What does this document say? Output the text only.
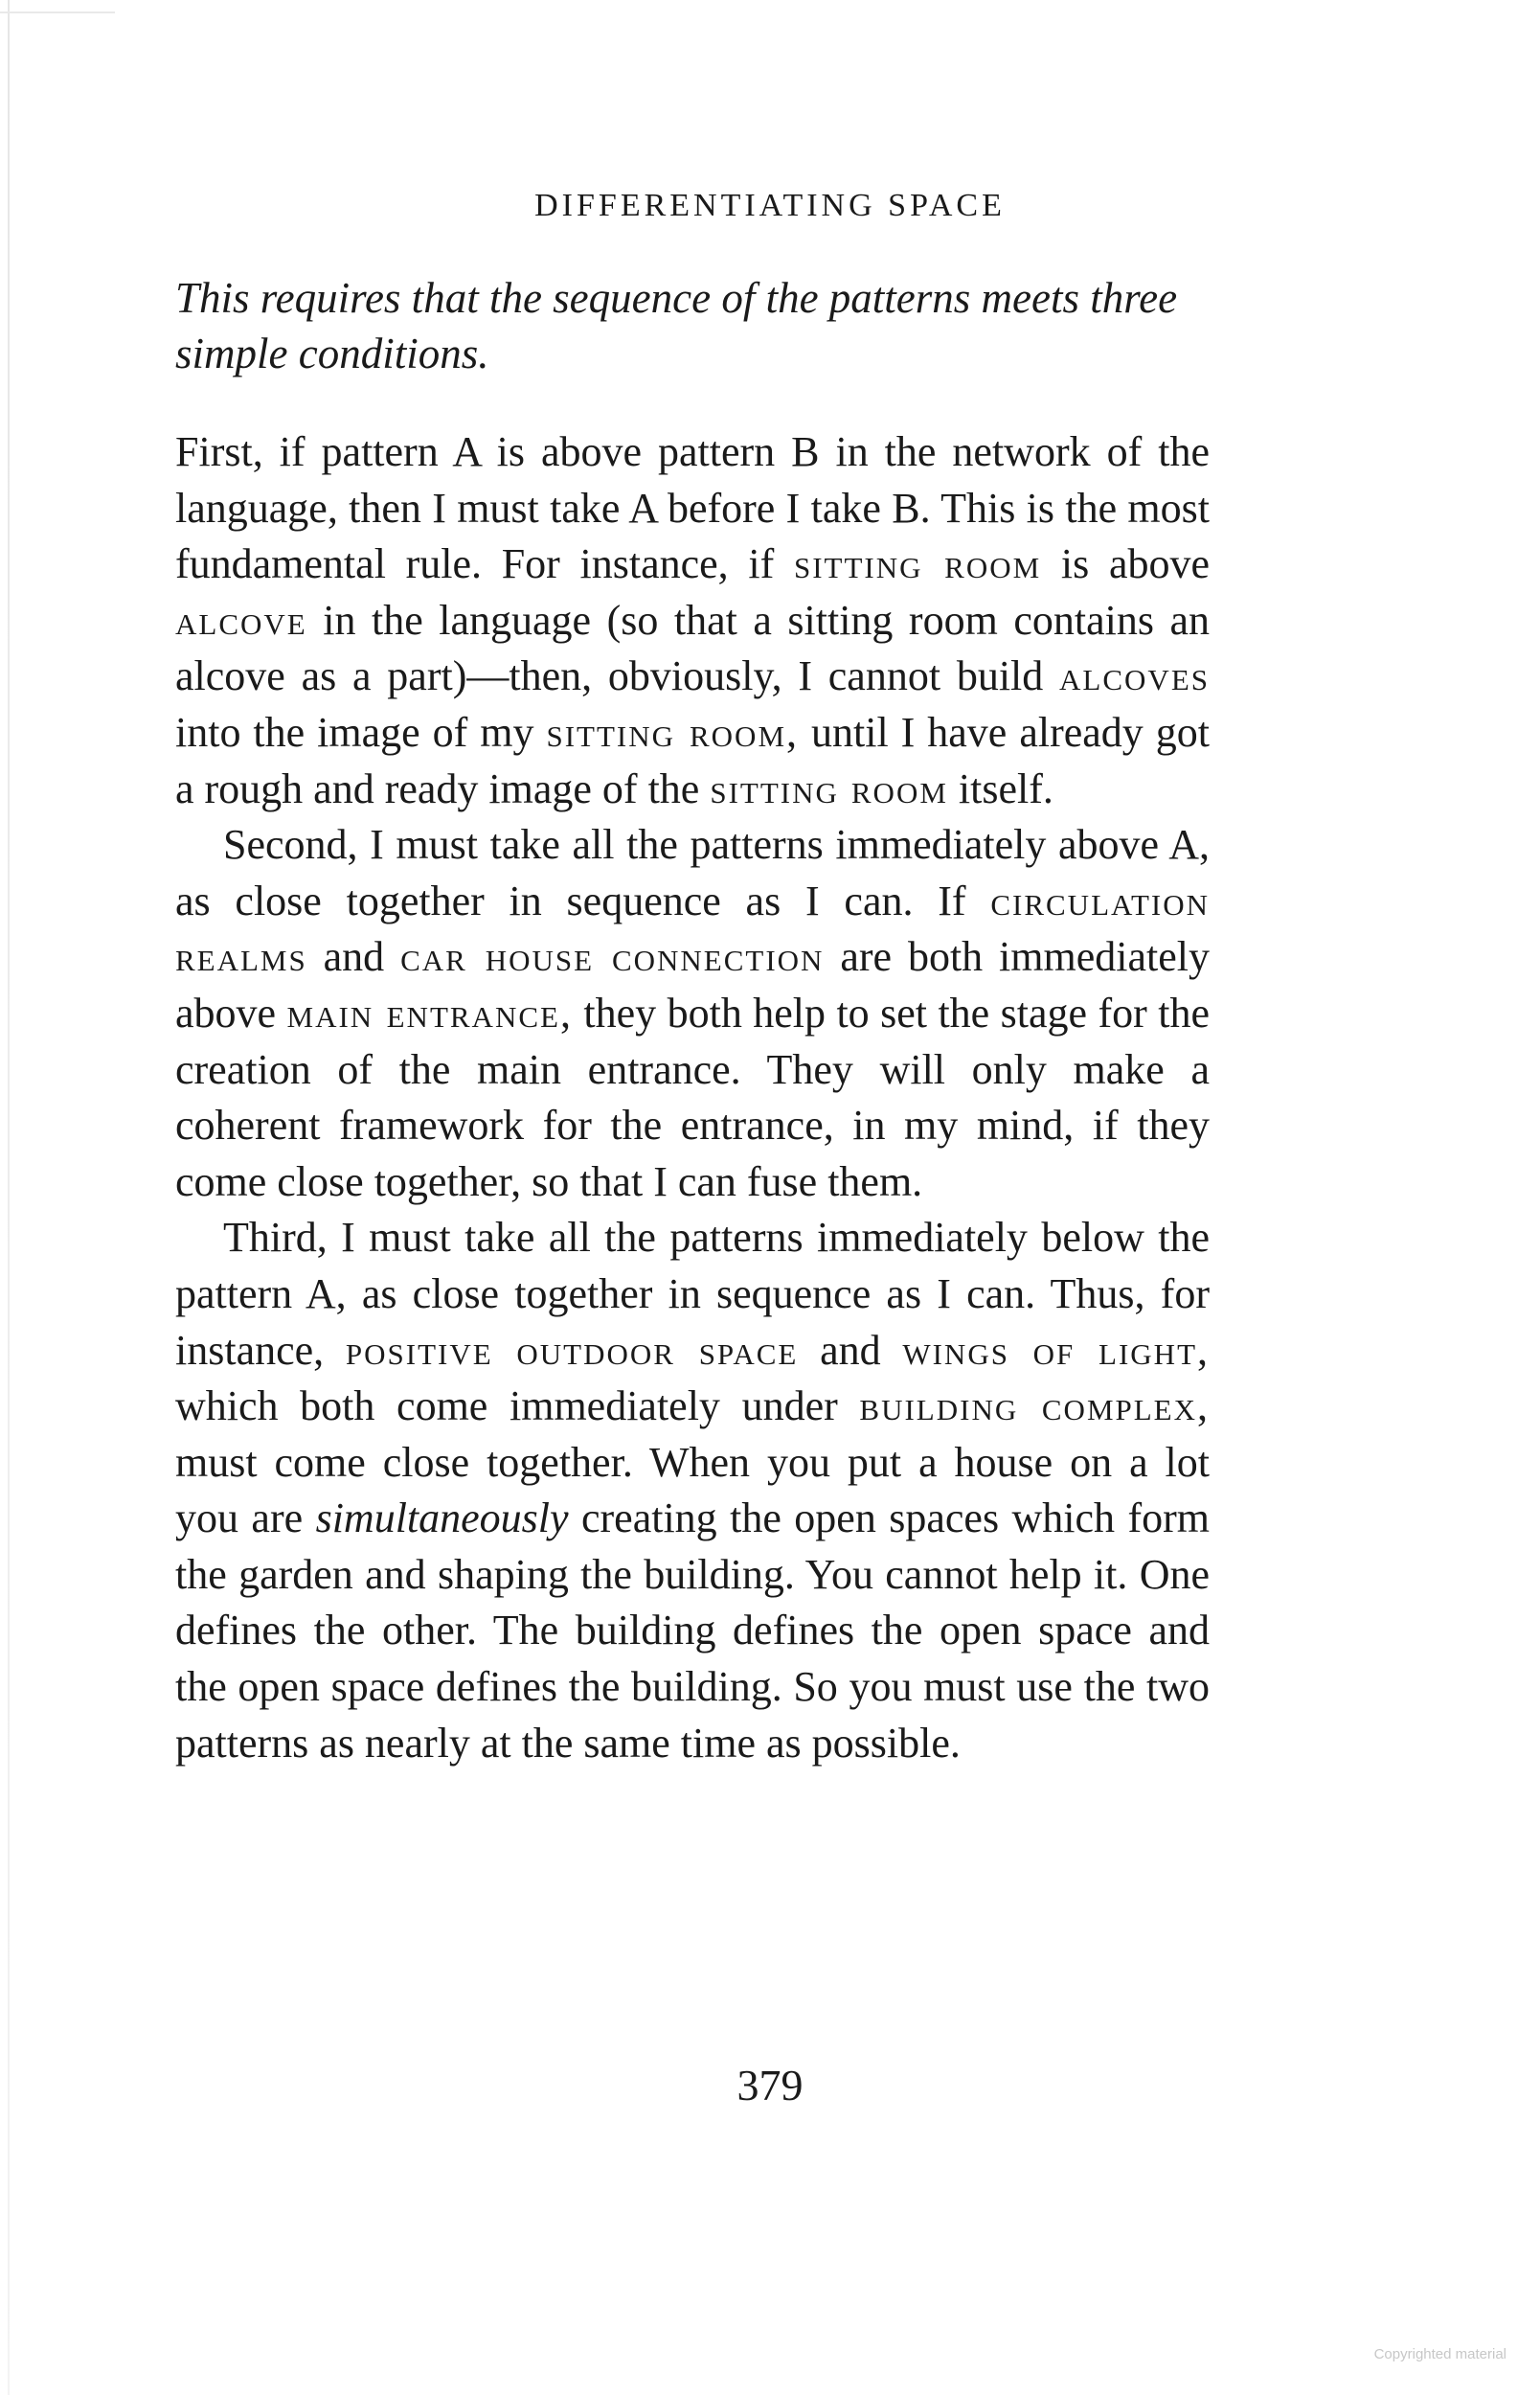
DIFFERENTIATING SPACE
This requires that the sequence of the patterns meets three simple conditions.

First, if pattern A is above pattern B in the network of the language, then I must take A before I take B. This is the most fundamental rule. For instance, if sitting room is above alcove in the language (so that a sitting room contains an alcove as a part)—then, obviously, I cannot build alcoves into the image of my sitting room, until I have already got a rough and ready image of the sitting room itself.

Second, I must take all the patterns immediately above A, as close together in sequence as I can. If circulation realms and car house connection are both immediately above main entrance, they both help to set the stage for the creation of the main entrance. They will only make a coherent framework for the entrance, in my mind, if they come close together, so that I can fuse them.

Third, I must take all the patterns immediately below the pattern A, as close together in sequence as I can. Thus, for instance, positive outdoor space and wings of light, which both come immediately under building complex, must come close together. When you put a house on a lot you are simultaneously creating the open spaces which form the garden and shaping the building. You cannot help it. One defines the other. The building defines the open space and the open space defines the building. So you must use the two patterns as nearly at the same time as possible.

379
Copyrighted material
